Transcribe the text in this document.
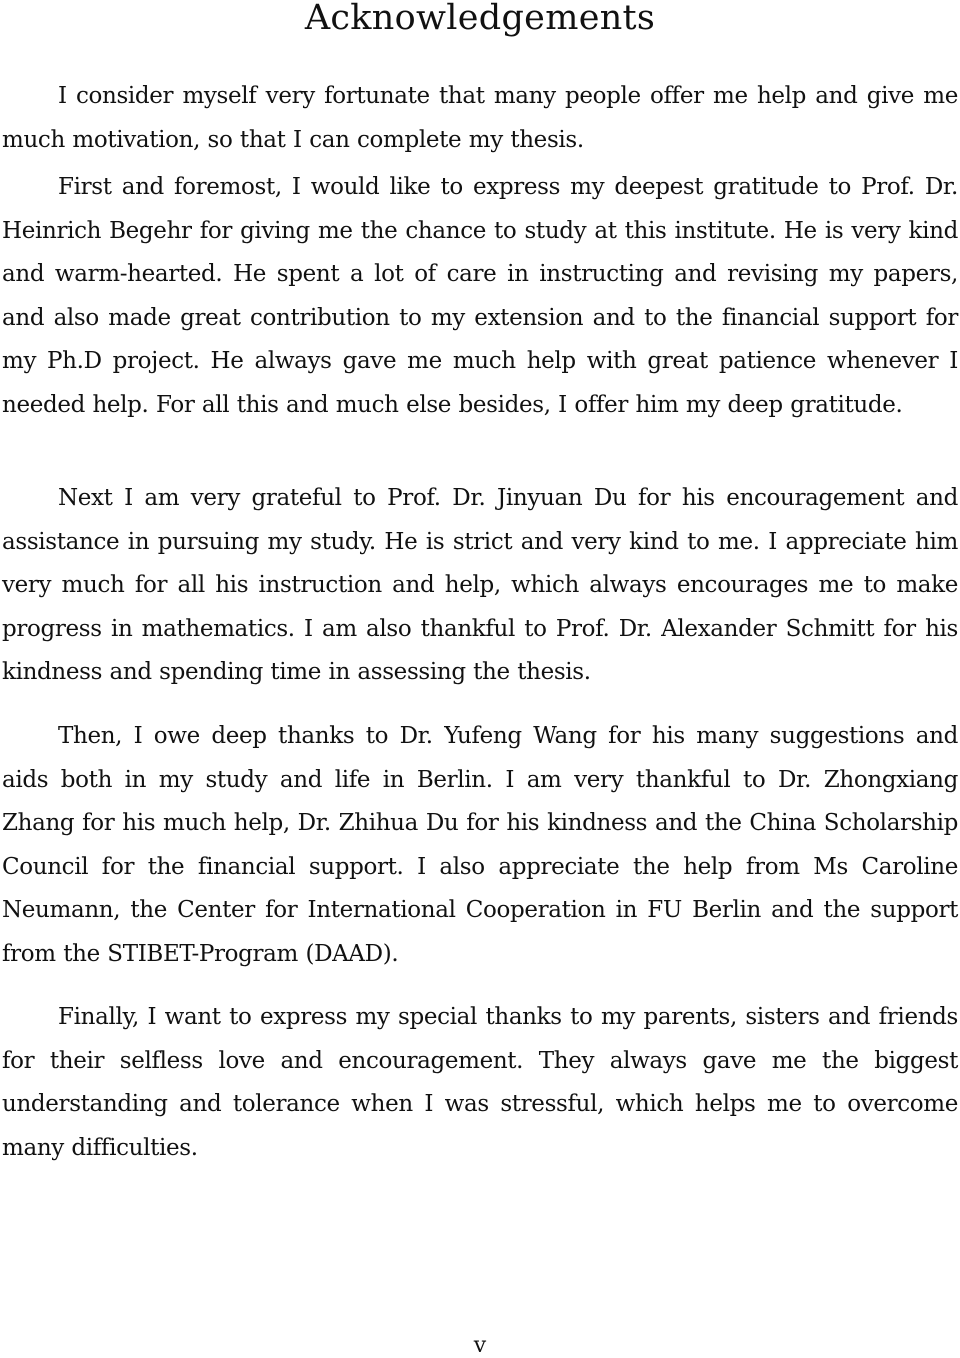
Acknowledgements

I consider myself very fortunate that many people offer me help and give me much motivation, so that I can complete my thesis.

First and foremost, I would like to express my deepest gratitude to Prof. Dr. Heinrich Begehr for giving me the chance to study at this institute. He is very kind and warm-hearted. He spent a lot of care in instructing and revising my papers, and also made great contribution to my extension and to the financial support for my Ph.D project. He always gave me much help with great patience whenever I needed help. For all this and much else besides, I offer him my deep gratitude.

Next I am very grateful to Prof. Dr. Jinyuan Du for his encouragement and assistance in pursuing my study. He is strict and very kind to me. I appreciate him very much for all his instruction and help, which always encourages me to make progress in mathematics. I am also thankful to Prof. Dr. Alexander Schmitt for his kindness and spending time in assessing the thesis.

Then, I owe deep thanks to Dr. Yufeng Wang for his many suggestions and aids both in my study and life in Berlin. I am very thankful to Dr. Zhongxiang Zhang for his much help, Dr. Zhihua Du for his kindness and the China Scholarship Council for the financial support. I also appreciate the help from Ms Caroline Neumann, the Center for International Cooperation in FU Berlin and the support from the STIBET-Program (DAAD).

Finally, I want to express my special thanks to my parents, sisters and friends for their selfless love and encouragement. They always gave me the biggest understanding and tolerance when I was stressful, which helps me to overcome many difficulties.

v
